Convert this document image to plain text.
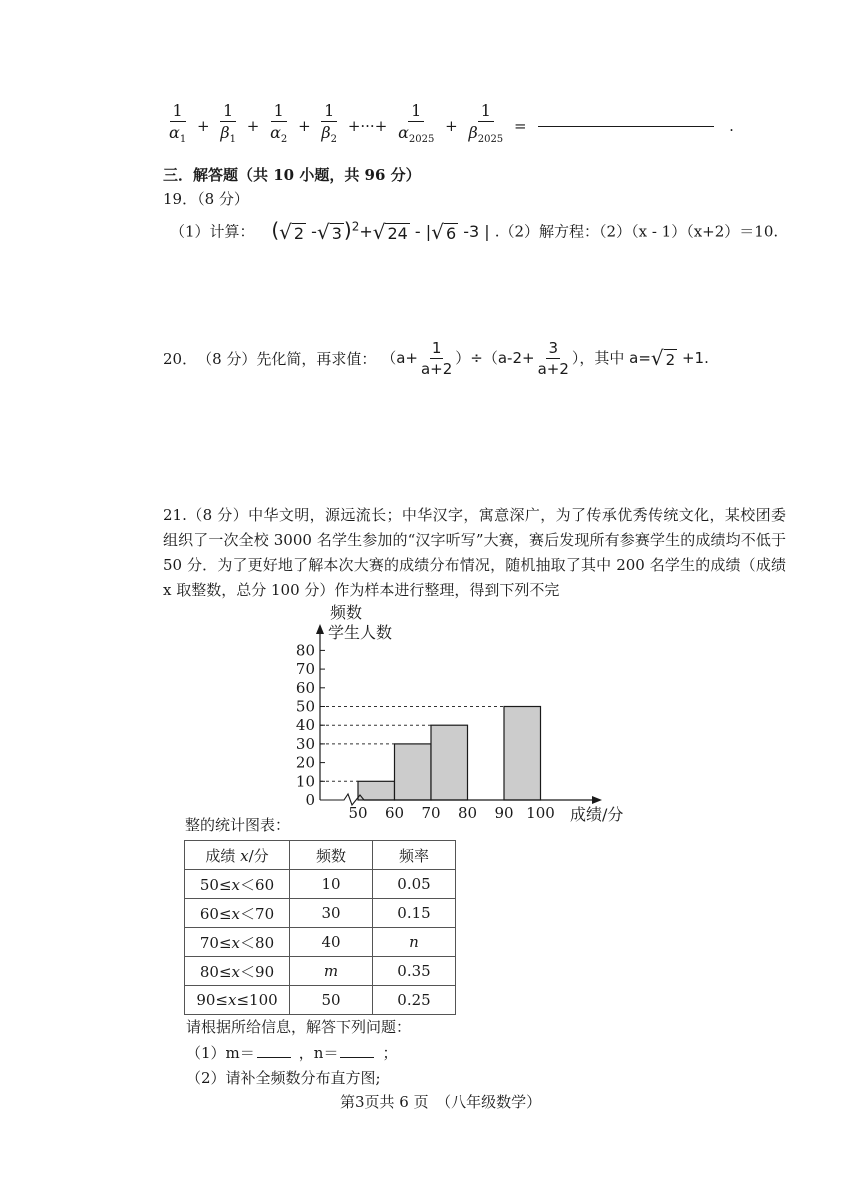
$\frac{1}{\alpha_1} + \frac{1}{\beta_1} + \frac{1}{\alpha_2} + \frac{1}{\beta_2}$ +···+ $\frac{1}{\alpha_{2025}} + \frac{1}{\beta_{2025}}$ =	.
三．解答题（共 10 小题，共 96 分）
19．（8 分）
（1）计算： ( √ 2 - √ 3 )$^2$+ √ 24 - | √ 6 -3 | .（2）解方程：（2）（x - 1）（x+2）＝10.
20．　（8 分）先化简，再求值： $(a+ \frac{1}{a+2} )\div(a-2+ \frac{3}{a+2}$ ），其中 a= √ 2 +1.
21.（8 分）中华文明，源远流长；中华汉字，寓意深广，为了传承优秀传统文化，某校团委组织了一次全校 3000 名学生参加的“汉字听写”大赛，赛后发现所有参赛学生的成绩均不低于 50 分．为了更好地了解本次大赛的成绩分布情况，随机抽取了其中 200 名学生的成绩（成绩 x 取整数，总分 100 分）作为样本进行整理，得到下列不完
0
10
20
30
40
50
60
70
80
50 60 70 80 90 100
频数
学生人数
成绩/分
整的统计图表：
成绩 x/分	频数	频率
50≤x＜60	10	0.05
60≤x＜70	30	0.15
70≤x＜80	40	n
80≤x＜90	m	0.35
90≤x≤100	50	0.25
请根据所给信息，解答下列问题：
（1）m＝	，n＝	；
（2）请补全频数分布直方图;
第3页共 6 页　（八年级数学）
